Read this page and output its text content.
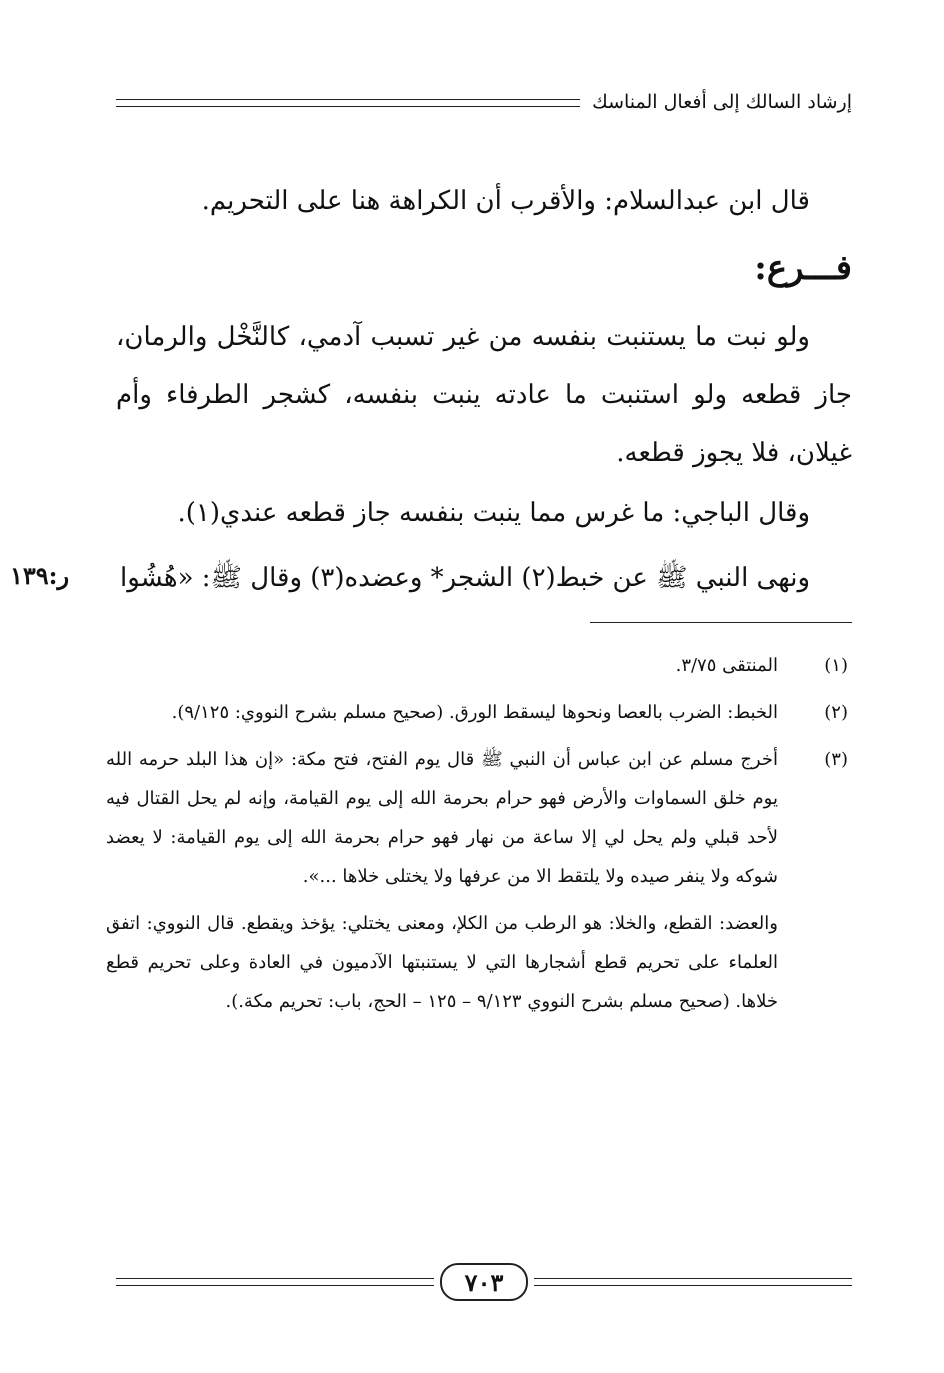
إرشاد السالك إلى أفعال المناسك
قال ابن عبدالسلام: والأقرب أن الكراهة هنا على التحريم.
فـــرع:
ولو نبت ما يستنبت بنفسه من غير تسبب آدمي، كالنَّخْل والرمان، جاز قطعه ولو استنبت ما عادته ينبت بنفسه، كشجر الطرفاء وأم غيلان، فلا يجوز قطعه.
وقال الباجي: ما غرس مما ينبت بنفسه جاز قطعه عندي(١).
ونهى النبي ﷺ عن خبط(٢) الشجر* وعضده(٣) وقال ﷺ: «هُشُوا
ر:١٣٩
(١)
المنتقى ٣/٧٥.
(٢)
الخبط: الضرب بالعصا ونحوها ليسقط الورق. (صحيح مسلم بشرح النووي: ٩/١٢٥).
(٣)
أخرج مسلم عن ابن عباس أن النبي ﷺ قال يوم الفتح، فتح مكة: «إن هذا البلد حرمه الله يوم خلق السماوات والأرض فهو حرام بحرمة الله إلى يوم القيامة، وإنه لم يحل القتال فيه لأحد قبلي ولم يحل لي إلا ساعة من نهار فهو حرام بحرمة الله إلى يوم القيامة: لا يعضد شوكه ولا ينفر صيده ولا يلتقط الا من عرفها ولا يختلى خلاها ...».
والعضد: القطع، والخلا: هو الرطب من الكلإ، ومعنى يختلي: يؤخذ ويقطع. قال النووي: اتفق العلماء على تحريم قطع أشجارها التي لا يستنبتها الآدميون في العادة وعلى تحريم قطع خلاها. (صحيح مسلم بشرح النووي ٩/١٢٣ – ١٢٥ – الحج، باب: تحريم مكة.).
٧٠٣
